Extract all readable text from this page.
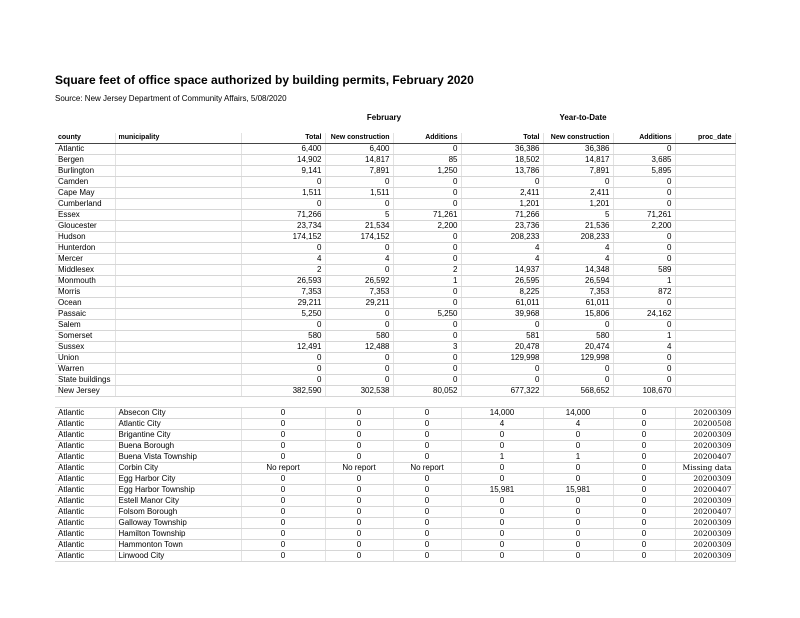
Square feet of office space authorized by building permits, February 2020
Source: New Jersey Department of Community Affairs, 5/08/2020
February	Year-to-Date
county	municipality	Total	New construction	Additions	Total	New construction	Additions	proc_date
Atlantic		6,400	6,400	0	36,386	36,386	0	
Bergen		14,902	14,817	85	18,502	14,817	3,685	
Burlington		9,141	7,891	1,250	13,786	7,891	5,895	
Camden		0	0	0	0	0	0	
Cape May		1,511	1,511	0	2,411	2,411	0	
Cumberland		0	0	0	1,201	1,201	0	
Essex		71,266	5	71,261	71,266	5	71,261	
Gloucester		23,734	21,534	2,200	23,736	21,536	2,200	
Hudson		174,152	174,152	0	208,233	208,233	0	
Hunterdon		0	0	0	4	4	0	
Mercer		4	4	0	4	4	0	
Middlesex		2	0	2	14,937	14,348	589	
Monmouth		26,593	26,592	1	26,595	26,594	1	
Morris		7,353	7,353	0	8,225	7,353	872	
Ocean		29,211	29,211	0	61,011	61,011	0	
Passaic		5,250	0	5,250	39,968	15,806	24,162	
Salem		0	0	0	0	0	0	
Somerset		580	580	0	581	580	1	
Sussex		12,491	12,488	3	20,478	20,474	4	
Union		0	0	0	129,998	129,998	0	
Warren		0	0	0	0	0	0	
State buildings		0	0	0	0	0	0	
New Jersey		382,590	302,538	80,052	677,322	568,652	108,670	

Atlantic	Absecon City	0	0	0	14,000	14,000	0	20200309
Atlantic	Atlantic City	0	0	0	4	4	0	20200508
Atlantic	Brigantine City	0	0	0	0	0	0	20200309
Atlantic	Buena Borough	0	0	0	0	0	0	20200309
Atlantic	Buena Vista Township	0	0	0	1	1	0	20200407
Atlantic	Corbin City	No report	No report	No report	0	0	0	Missing data
Atlantic	Egg Harbor City	0	0	0	0	0	0	20200309
Atlantic	Egg Harbor Township	0	0	0	15,981	15,981	0	20200407
Atlantic	Estell Manor City	0	0	0	0	0	0	20200309
Atlantic	Folsom Borough	0	0	0	0	0	0	20200407
Atlantic	Galloway Township	0	0	0	0	0	0	20200309
Atlantic	Hamilton Township	0	0	0	0	0	0	20200309
Atlantic	Hammonton Town	0	0	0	0	0	0	20200309
Atlantic	Linwood City	0	0	0	0	0	0	20200309
